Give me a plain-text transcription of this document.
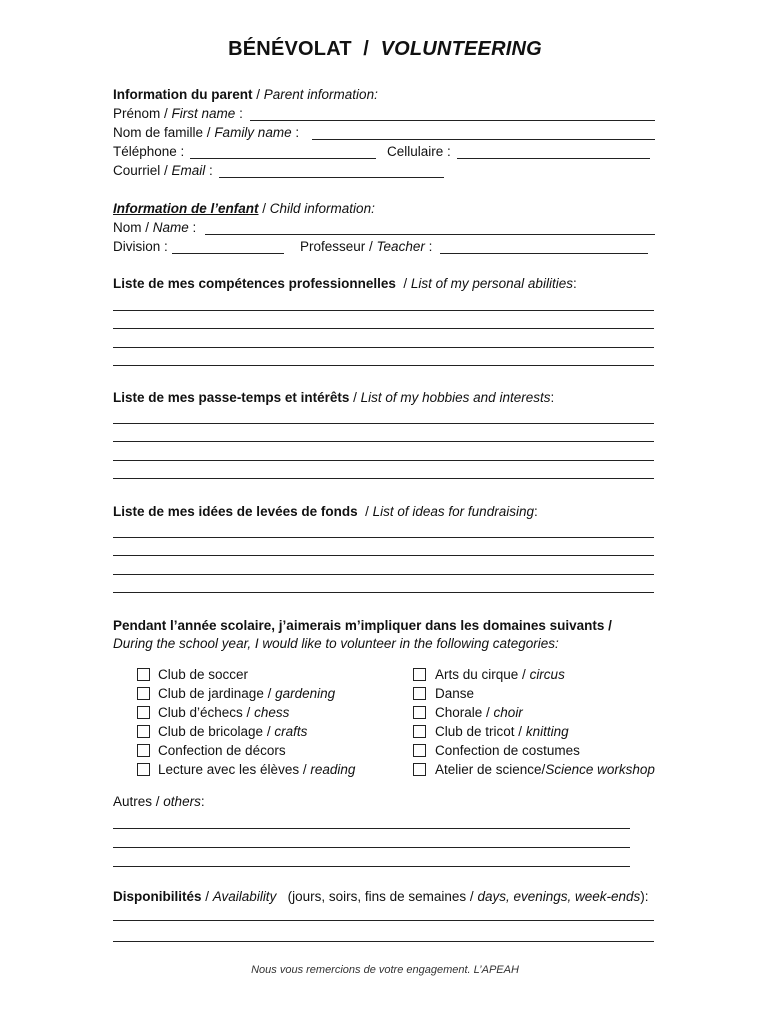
BÉNÉVOLAT / VOLUNTEERING
Information du parent / Parent information:
Prénom / First name :
Nom de famille / Family name :
Téléphone :	Cellulaire :
Courriel / Email :
Information de l’enfant / Child information:
Nom / Name :
Division :	Professeur / Teacher :
Liste de mes compétences professionnelles  / List of my personal abilities:
Liste de mes passe-temps et intérêts / List of my hobbies and interests:
Liste de mes idées de levées de fonds  / List of ideas for fundraising:
Pendant l’année scolaire, j’aimerais m’impliquer dans les domaines suivants /
During the school year, I would like to volunteer in the following categories:
Club de soccer
Club de jardinage / gardening
Club d’échecs / chess
Club de bricolage / crafts
Confection de décors
Lecture avec les élèves / reading
Arts du cirque / circus
Danse
Chorale / choir
Club de tricot / knitting
Confection de costumes
Atelier de science/Science workshop
Autres / others:
Disponibilités / Availability (jours, soirs, fins de semaines / days, evenings, week-ends):
Nous vous remercions de votre engagement. L’APEAH
